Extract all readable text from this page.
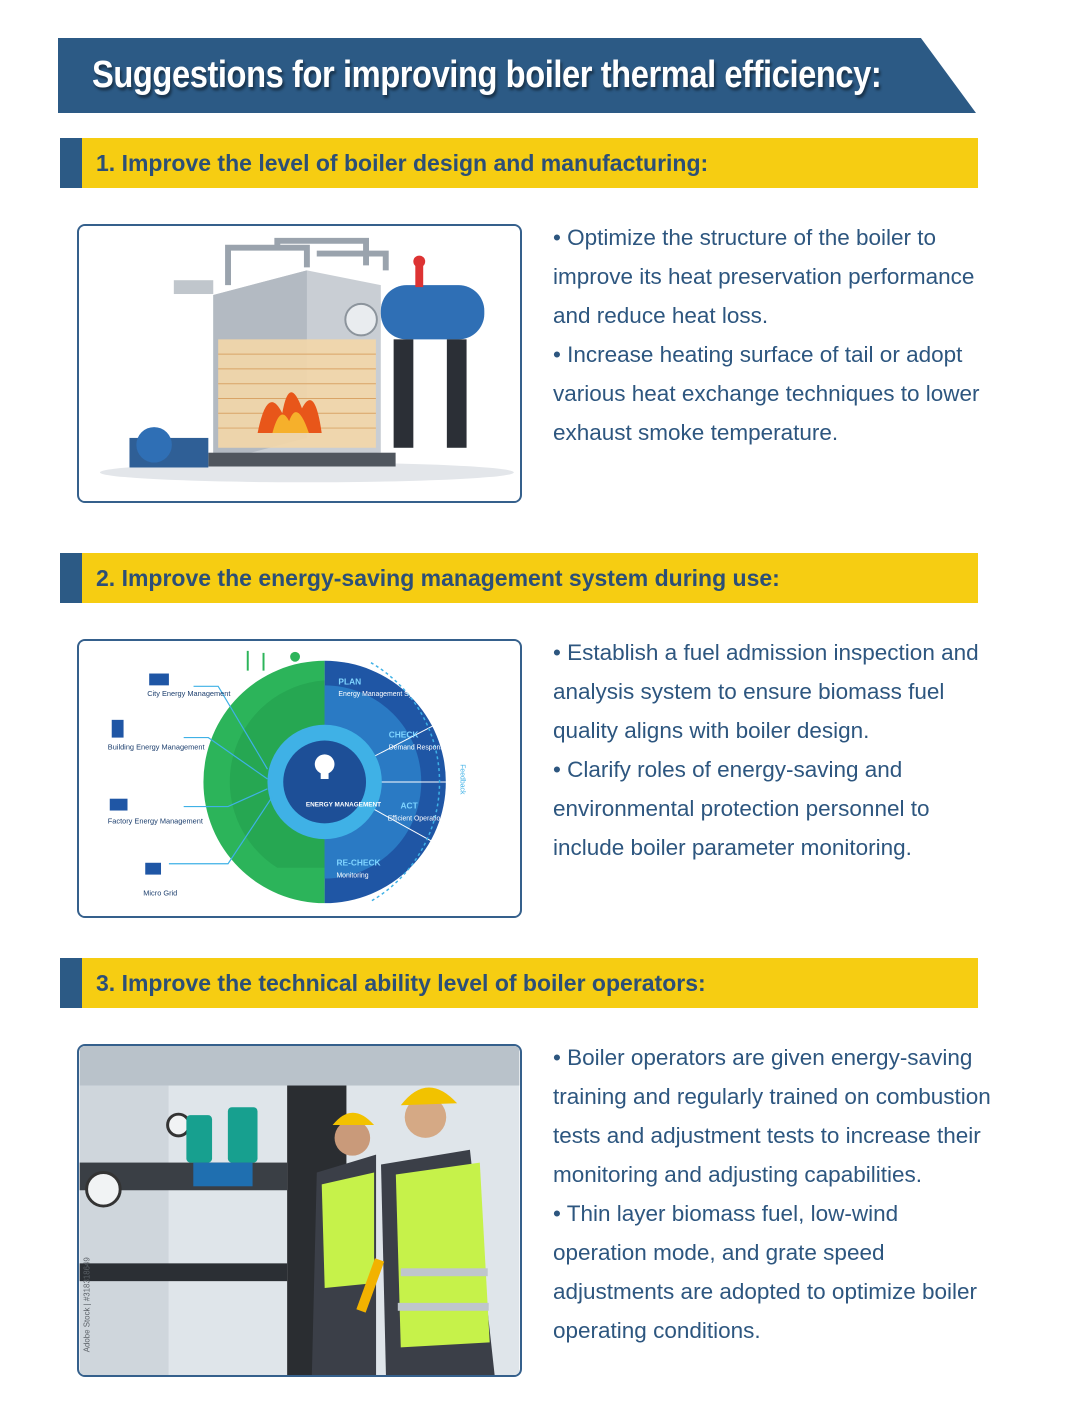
Suggestions for improving boiler thermal efficiency:
1. Improve the level of boiler design and manufacturing:

• Optimize the structure of the boiler to improve its heat preservation performance and reduce heat loss.

• Increase heating surface of tail or adopt various heat exchange techniques to lower exhaust smoke temperature.

2. Improve the energy-saving management system during use:
City Energy Management
Building Energy Management
Factory Energy Management
Micro Grid
ENERGY MANAGEMENT
PLAN
Energy Management System
CHECK
Demand Response
ACT
Efficient Operations
RE-CHECK
Monitoring
Feedback

• Establish a fuel admission inspection and analysis system to ensure biomass fuel quality aligns with boiler design.

• Clarify roles of energy-saving and environmental protection personnel to include boiler parameter monitoring.

3. Improve the technical ability level of boiler operators:
Adobe Stock | #318318649

• Boiler operators are given energy-saving training and regularly trained on combustion tests and adjustment tests to increase their monitoring and adjusting capabilities.

• Thin layer biomass fuel, low-wind operation mode, and grate speed adjustments are adopted to optimize boiler operating conditions.
